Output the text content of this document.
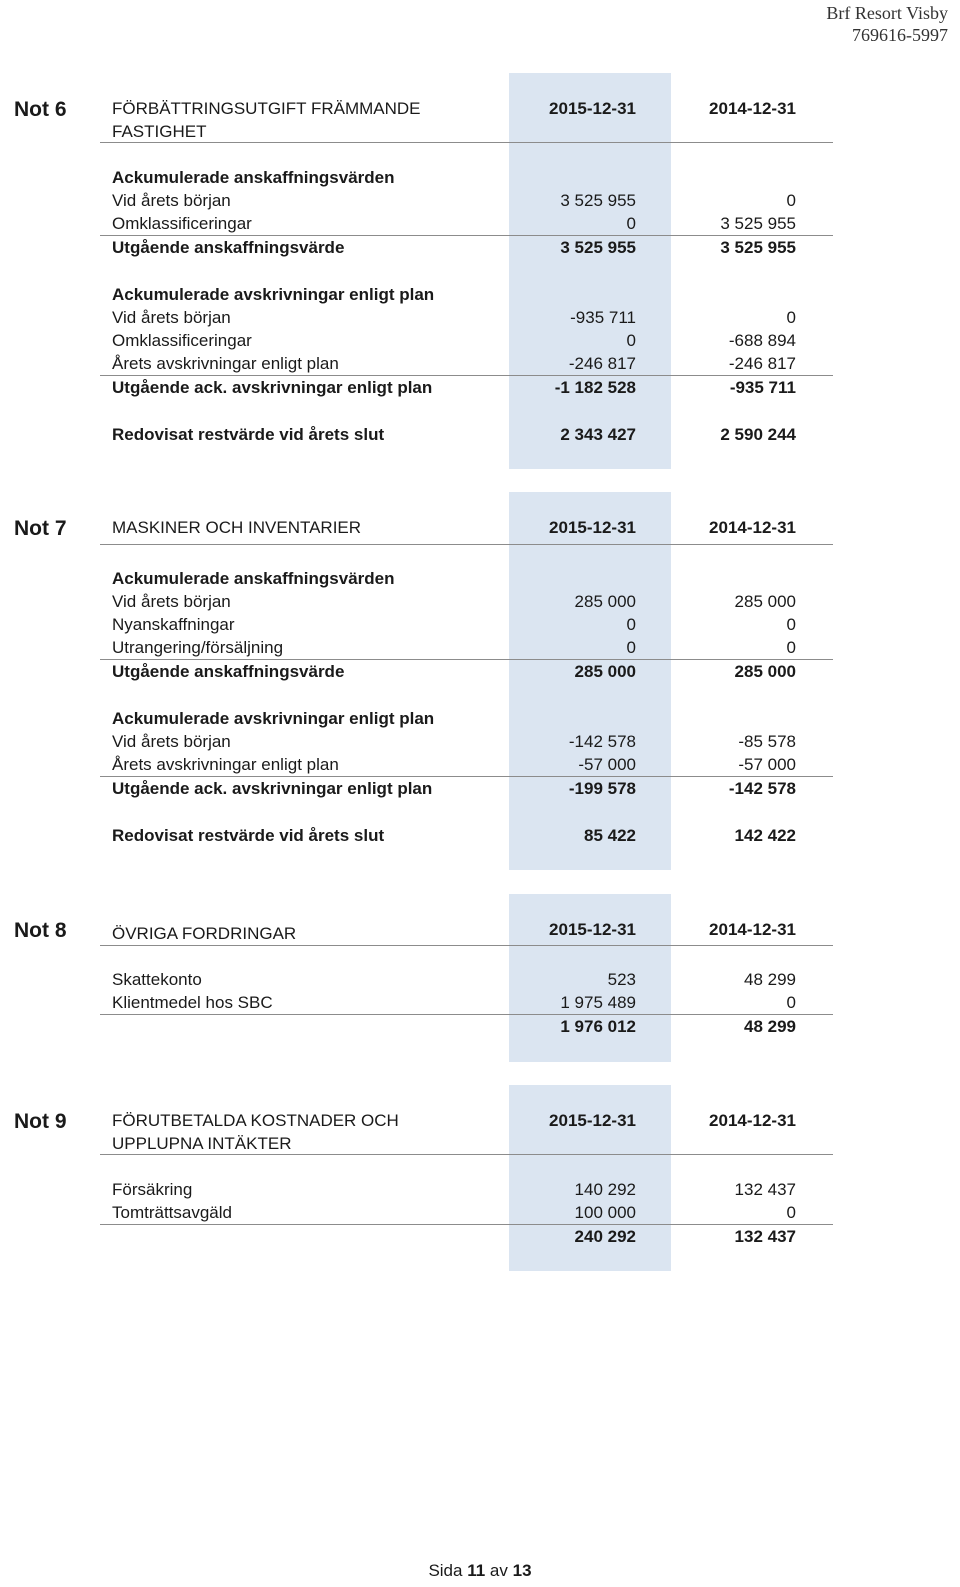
Brf Resort Visby
769616-5997
Not 6	FÖRBÄTTRINGSUTGIFT FRÄMMANDE FASTIGHET
2015-12-31	2014-12-31
Ackumulerade anskaffningsvärden
Vid årets början	3 525 955	0
Omklassificeringar	0	3 525 955
Utgående anskaffningsvärde	3 525 955	3 525 955
Ackumulerade avskrivningar enligt plan
Vid årets början	-935 711	0
Omklassificeringar	0	-688 894
Årets avskrivningar enligt plan	-246 817	-246 817
Utgående ack. avskrivningar enligt plan	-1 182 528	-935 711
Redovisat restvärde vid årets slut	2 343 427	2 590 244
Not 7	MASKINER OCH INVENTARIER	2015-12-31	2014-12-31
Ackumulerade anskaffningsvärden
Vid årets början	285 000	285 000
Nyanskaffningar	0	0
Utrangering/försäljning	0	0
Utgående anskaffningsvärde	285 000	285 000
Ackumulerade avskrivningar enligt plan
Vid årets början	-142 578	-85 578
Årets avskrivningar enligt plan	-57 000	-57 000
Utgående ack. avskrivningar enligt plan	-199 578	-142 578
Redovisat restvärde vid årets slut	85 422	142 422
Not 8	ÖVRIGA FORDRINGAR	2015-12-31	2014-12-31
Skattekonto	523	48 299
Klientmedel hos SBC	1 975 489	0
1 976 012	48 299
Not 9	FÖRUTBETALDA KOSTNADER OCH UPPLUPNA INTÄKTER
2015-12-31	2014-12-31
Försäkring	140 292	132 437
Tomträttsavgäld	100 000	0
240 292	132 437
Sida 11 av 13
